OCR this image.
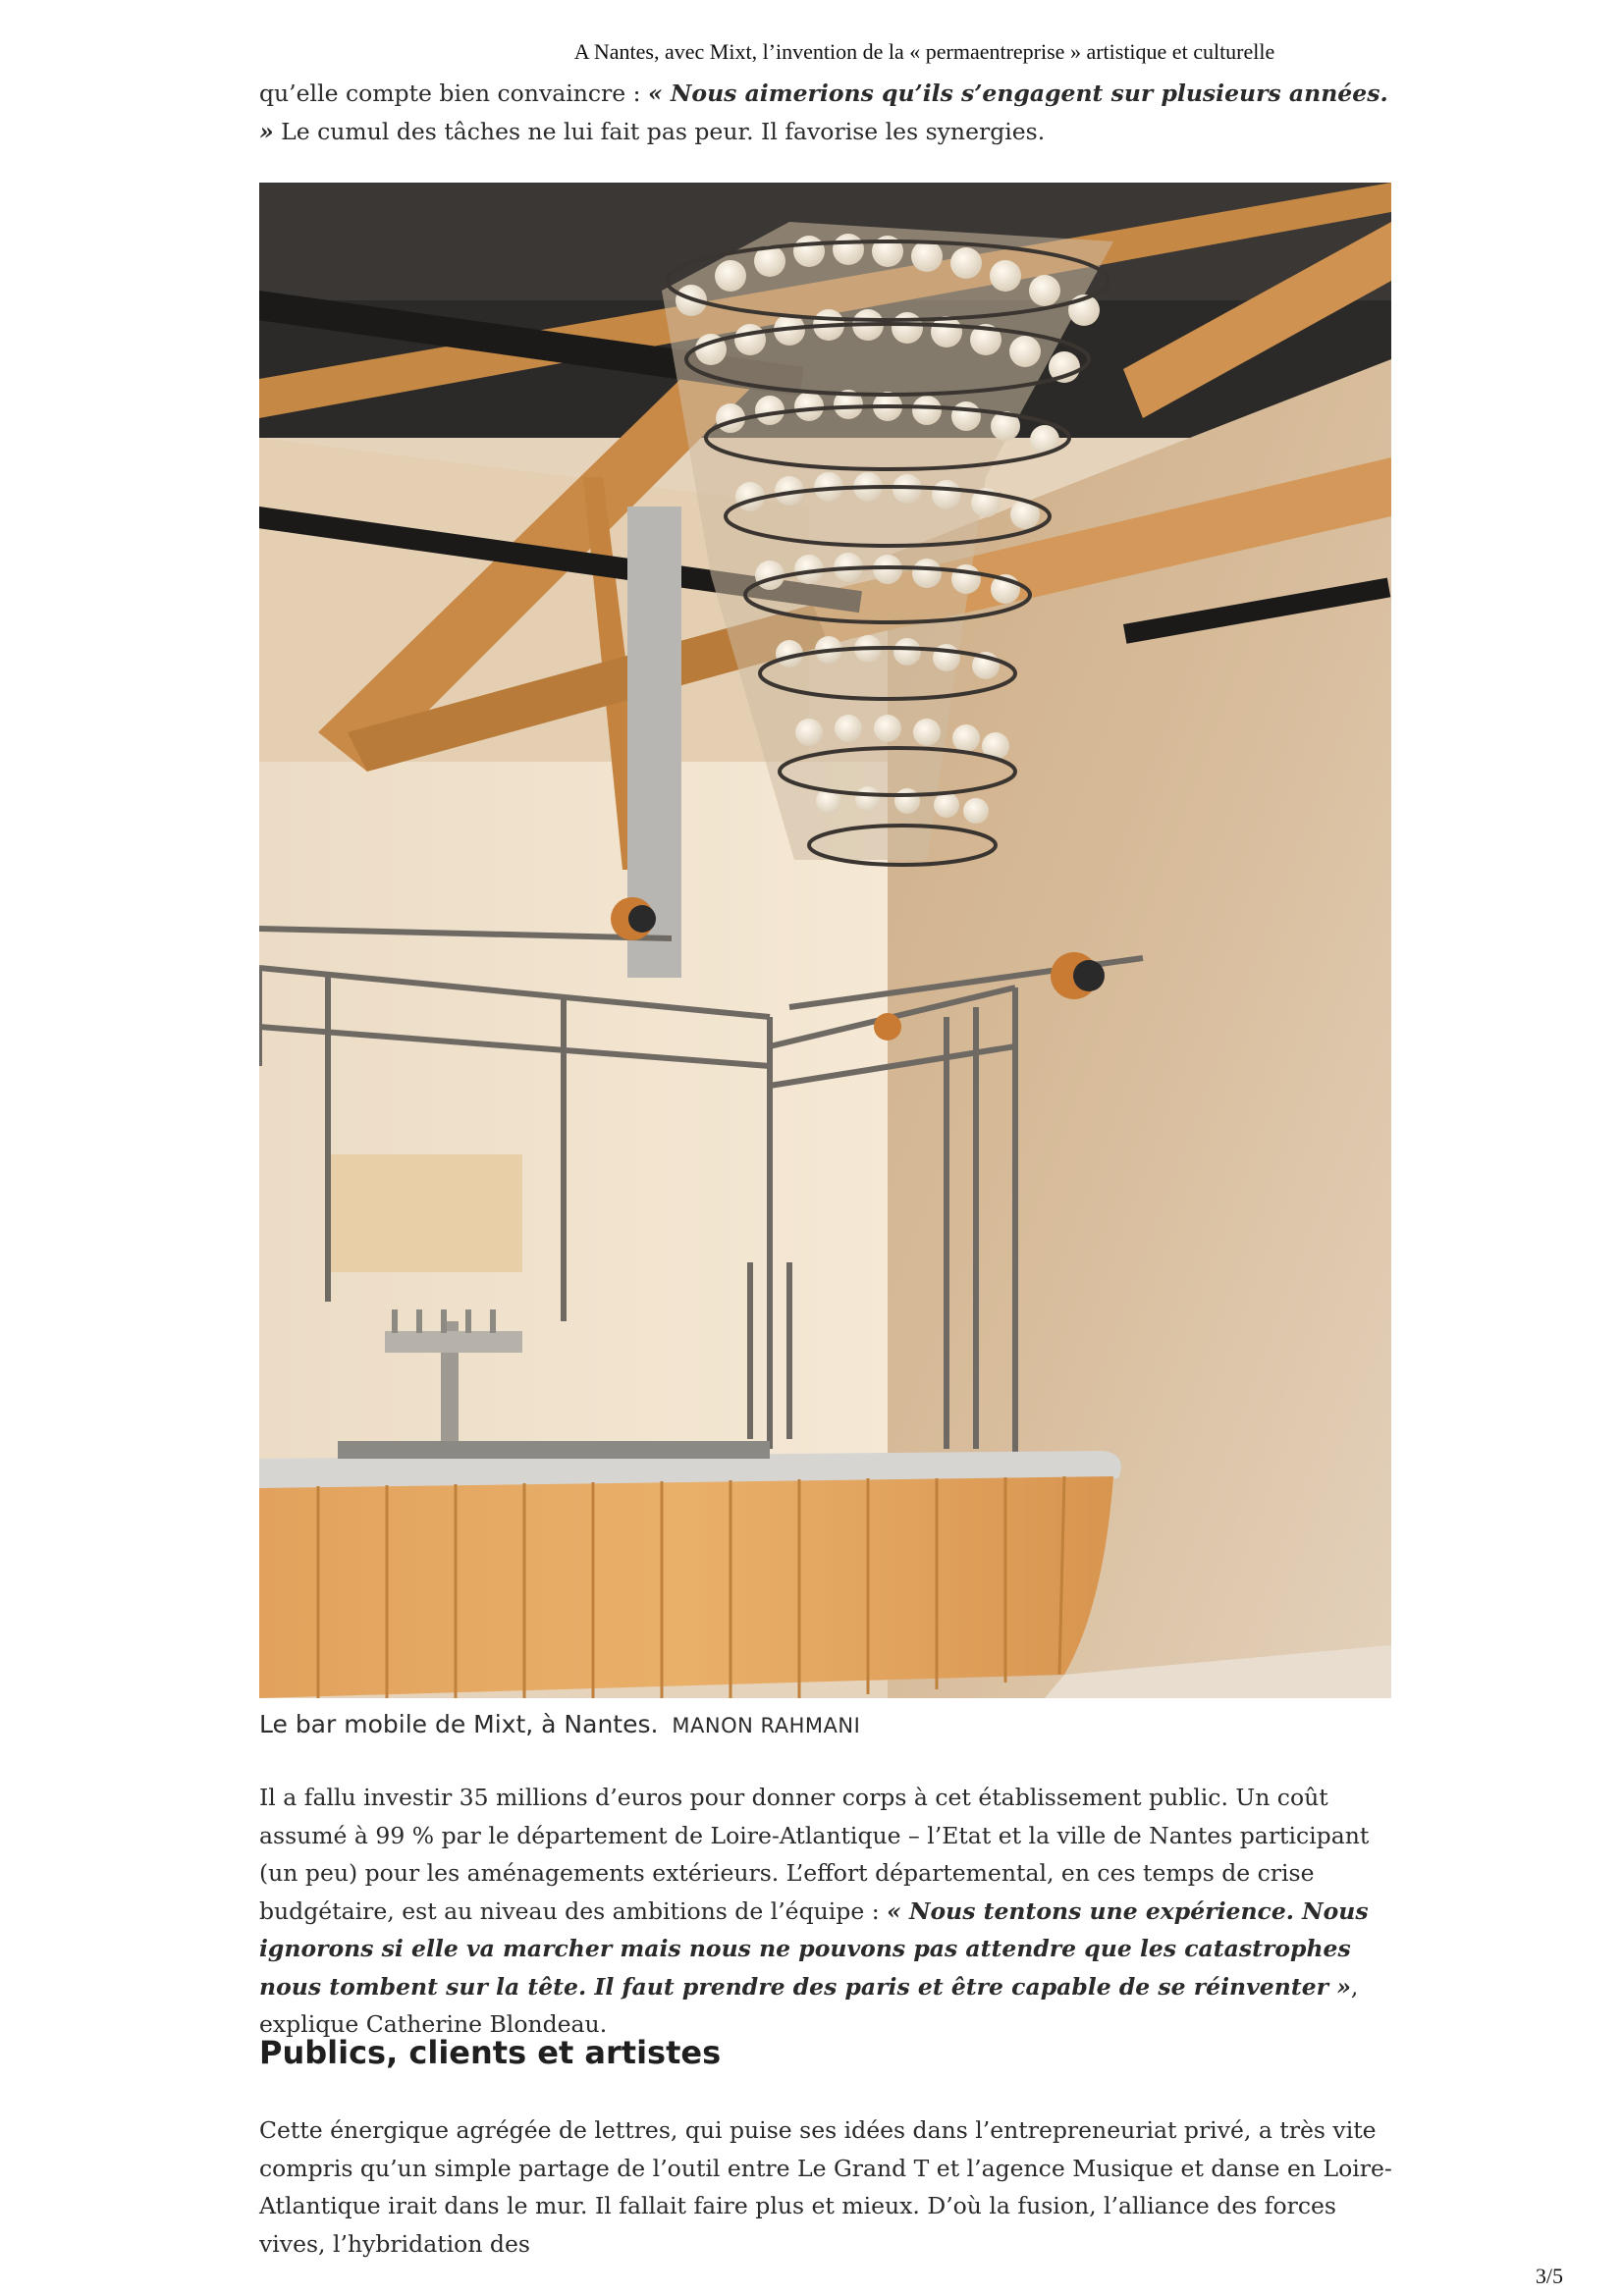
A Nantes, avec Mixt, l’invention de la « permaentreprise » artistique et culturelle

qu’elle compte bien convaincre : « Nous aimerions qu’ils s’engagent sur plusieurs années. » Le cumul des tâches ne lui fait pas peur. Il favorise les synergies.

Le bar mobile de Mixt, à Nantes. MANON RAHMANI

Il a fallu investir 35 millions d’euros pour donner corps à cet établissement public. Un coût assumé à 99 % par le département de Loire-Atlantique – l’Etat et la ville de Nantes participant (un peu) pour les aménagements extérieurs. L’effort départemental, en ces temps de crise budgétaire, est au niveau des ambitions de l’équipe : « Nous tentons une expérience. Nous ignorons si elle va marcher mais nous ne pouvons pas attendre que les catastrophes nous tombent sur la tête. Il faut prendre des paris et être capable de se réinventer », explique Catherine Blondeau.

Publics, clients et artistes

Cette énergique agrégée de lettres, qui puise ses idées dans l’entrepreneuriat privé, a très vite compris qu’un simple partage de l’outil entre Le Grand T et l’agence Musique et danse en Loire-Atlantique irait dans le mur. Il fallait faire plus et mieux. D’où la fusion, l’alliance des forces vives, l’hybridation des

3/5
